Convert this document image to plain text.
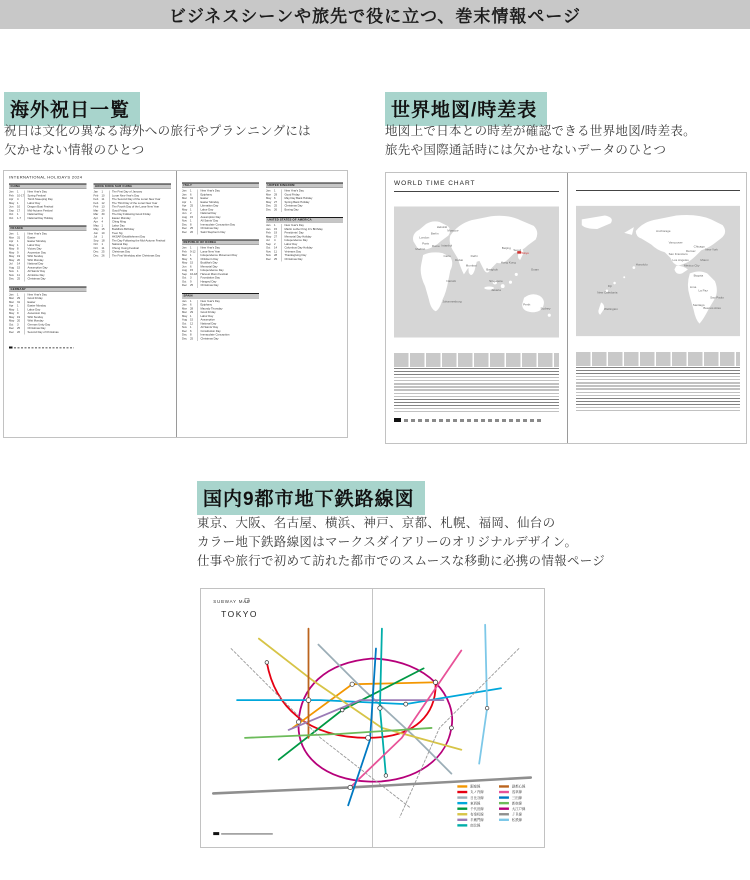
ビジネスシーンや旅先で役に立つ、巻末情報ページ
海外祝日一覧
祝日は文化の異なる海外への旅行やプランニングには
欠かせない情報のひとつ
INTERNATIONAL HOLIDAYS 2024
CHINA
Jan 1	New Year's Day
Feb 10-17 Spring Festival
Apr 4	Tomb Sweeping Day
May 1	Labor Day
Jun 10	Dragon Boat Festival
Sep 17	Mid-Autumn Festival
Oct 1	National Day
Oct 1-7	National Day Holiday
FRANCE
Jan 1	New Year's Day
Mar 31	Easter
Apr 1	Easter Monday
May 1	Labor Day
May 8	Victory Day
May 9	Ascension Day
May 19	Whit Sunday
May 20	Whit Monday
Jul 14	National Day
Aug 15	Assumption Day
Nov 1	All Saints' Day
Nov 11	Armistice Day
Dec 25	Christmas Day
GERMANY
Jan 1	New Year's Day
Mar 29	Good Friday
Mar 31	Easter
Apr 1	Easter Monday
May 1	Labor Day
May 9	Ascension Day
May 19	Whit Sunday
May 20	Whit Monday
Oct 3	German Unity Day
Dec 25	Christmas Day
Dec 26	Second Day of Christmas
HONG KONG SAR CHINA
Jan 1	The First Day of January
Feb 10	Lunar New Year's Day
Feb 11	The Second Day of the Lunar New Year
Feb 12	The Third Day of the Lunar New Year
Feb 13	The Fourth Day of the Lunar New Year
Mar 29	Good Friday
Mar 30	The Day Following Good Friday
Apr 1	Easter Monday
Apr 4	Ching Ming
May 1	Labor Day
May 15	Buddha's Birthday
Jun 10	Tuen Ng
Jul 1	HKSAR Establishment Day
Sep 18	The Day Following the Mid-Autumn Festival
Oct 1	National Day
Oct 11	Chung Yeung Festival
Dec 25	Christmas Day
Dec 26	The First Weekday after Christmas Day
ITALY
Jan 1	New Year's Day
Jan 6	Epiphany
Mar 31	Easter
Apr 1	Easter Monday
Apr 25	Liberation Day
May 1	Labor Day
Jun 2	National Day
Aug 15	Assumption Day
Nov 1	All Saints' Day
Dec 8	Immaculate Conception Day
Dec 25	Christmas Day
Dec 26	Saint Stephen's Day
REPUBLIC OF KOREA
Jan 1	New Year's Day
Feb 9-12 Lunar New Year
Mar 1	Independence Movement Day
May 5	Children's Day
May 15	Buddha's Day
Jun 6	Memorial Day
Aug 15	Independence Day
Sep 16-18 Harvest Moon Festival
Oct 3	Foundation Day
Oct 9	Hangeul Day
Dec 25	Christmas Day
SPAIN
Jan 1	New Year's Day
Jan 6	Epiphany
Mar 28	Maundy Thursday
Mar 29	Good Friday
May 1	Labor Day
Aug 15	Assumption
Oct 12	National Day
Nov 1	All Saints' Day
Dec 6	Constitution Day
Dec 8	Immaculate Conception
Dec 25	Christmas Day
UNITED KINGDOM
Jan 1	New Year's Day
Mar 29	Good Friday
May 6	May Day Bank Holiday
May 27	Spring Bank Holiday
Dec 25	Christmas Day
Dec 26	Boxing Day
UNITED STATES OF AMERICA
Jan 1	New Year's Day
Jan 15	Martin Luther King Jr's Birthday
Feb 19	Presidents' Day
May 27	Memorial Day Holiday
Jul 4	Independence Day
Sep 2	Labor Day
Oct 14	Columbus Day Holiday
Nov 11	Veterans Day
Nov 28	Thanksgiving Day
Dec 25	Christmas Day
世界地図/時差表
地図上で日本との時差が確認できる世界地図/時差表。
旅先や国際通話時には欠かせないデータのひとつ
WORLD TIME CHART
Helsinki
Moscow
Berlin
London
Paris
Rome
Madrid
Istanbul
Cairo
Dubai
Delhi
Mumbai
Bangkok
Singapore
Jakarta
Hong Kong
Beijing Seoul
Nairobi
Johannesburg
Guam
Sydney
Perth
Tokyo
Anchorage
Vancouver
San Francisco
Los Angeles
Denver
Chicago
New York
Miami
Mexico City
Bogota
Lima
La Paz
Santiago
Sao Paulo
Buenos Aires
Honolulu
Fiji
New Caledonia
Wellington
国内9都市地下鉄路線図
東京、大阪、名古屋、横浜、神戸、京都、札幌、福岡、仙台の
カラー地下鉄路線図はマークスダイアリーのオリジナルデザイン。
仕事や旅行で初めて訪れた都市でのスムースな移動に必携の情報ページ
SUBWAY MAP
TOKYO
銀座線
丸ノ内線
日比谷線
東西線
千代田線
有楽町線
半蔵門線
南北線
副都心線
浅草線
三田線
新宿線
大江戸線
ＪＲ線
私鉄線
